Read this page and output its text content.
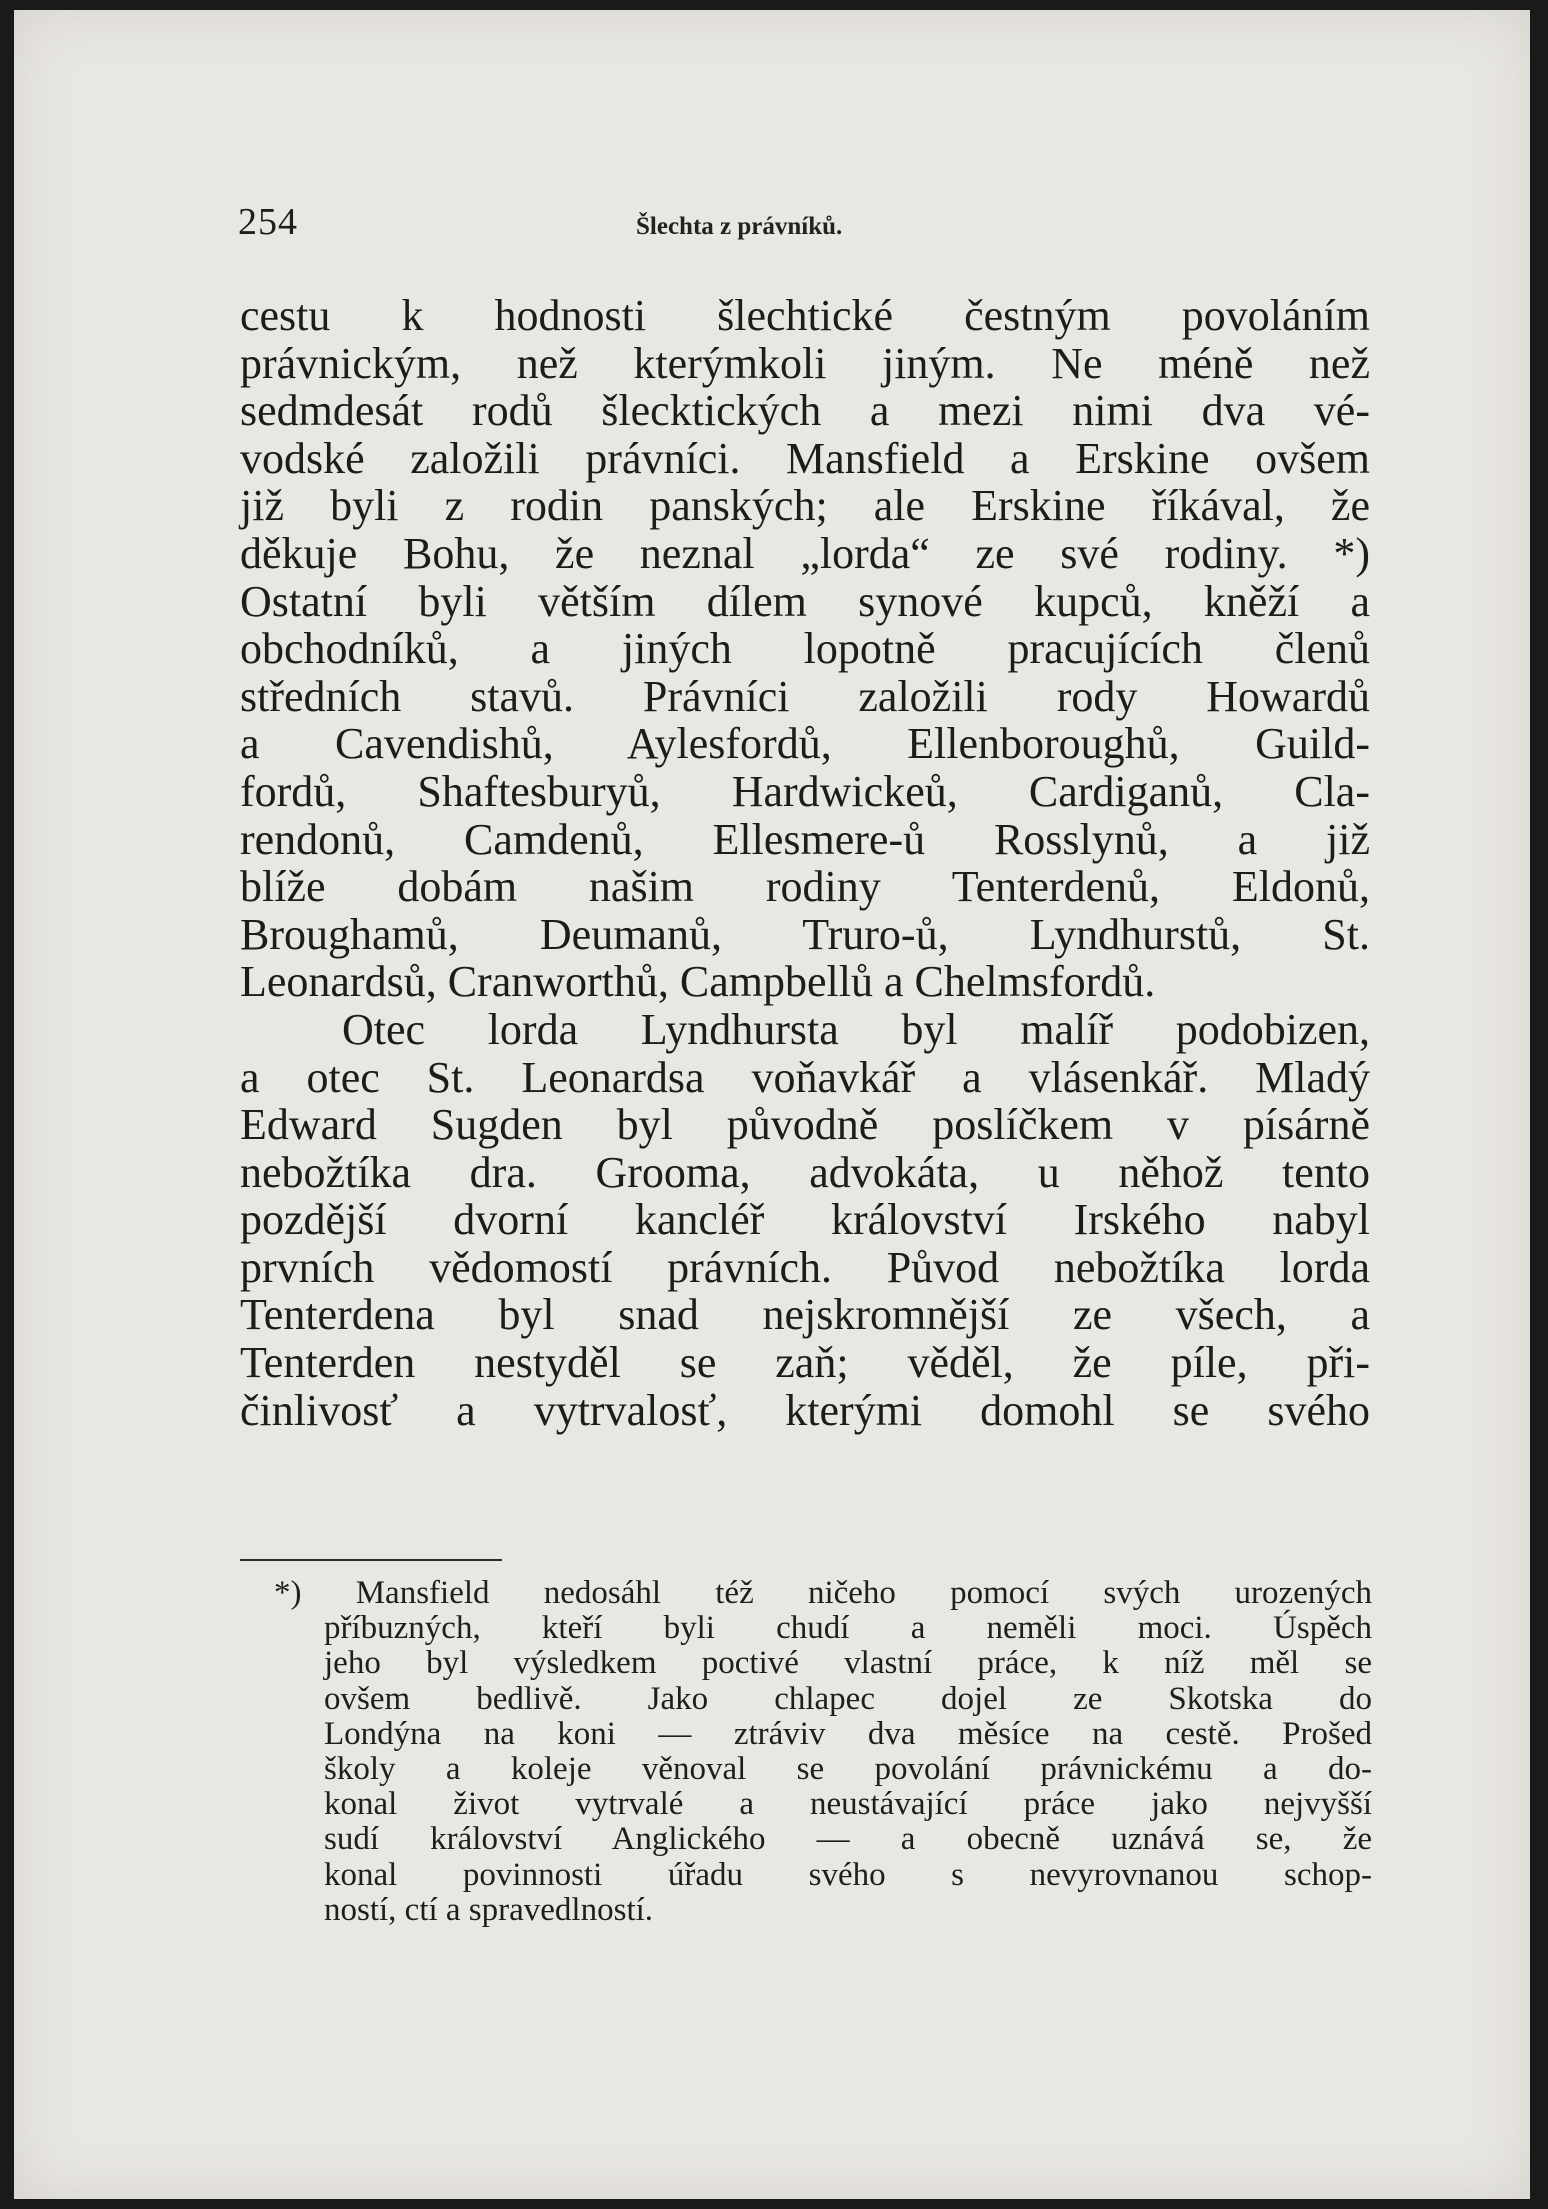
254	Šlechta z právníků.
cestu k hodnosti šlechtické čestným povoláním
právnickým, než kterýmkoli jiným. Ne méně než
sedmdesát rodů šlecktických a mezi nimi dva vé-
vodské založili právníci. Mansfield a Erskine ovšem
již byli z rodin panských; ale Erskine říkával, že
děkuje Bohu, že neznal „lorda“ ze své rodiny. *)
Ostatní byli větším dílem synové kupců, kněží a
obchodníků, a jiných lopotně pracujících členů
středních stavů. Právníci založili rody Howardů
a Cavendishů, Aylesfordů, Ellenboroughů, Guild-
fordů, Shaftesburyů, Hardwickeů, Cardiganů, Cla-
rendonů, Camdenů, Ellesmere-ů Rosslynů, a již
blíže dobám našim rodiny Tenterdenů, Eldonů,
Broughamů, Deumanů, Truro-ů, Lyndhurstů, St.
Leonardsů, Cranworthů, Campbellů a Chelmsfordů.
Otec lorda Lyndhursta byl malíř podobizen,
a otec St. Leonardsa voňavkář a vlásenkář. Mladý
Edward Sugden byl původně poslíčkem v písárně
nebožtíka dra. Grooma, advokáta, u něhož tento
pozdější dvorní kancléř království Irského nabyl
prvních vědomostí právních. Původ nebožtíka lorda
Tenterdena byl snad nejskromnější ze všech, a
Tenterden nestyděl se zaň; věděl, že píle, při-
činlivosť a vytrvalosť, kterými domohl se svého
*) Mansfield nedosáhl též ničeho pomocí svých urozených
příbuzných, kteří byli chudí a neměli moci. Úspěch
jeho byl výsledkem poctivé vlastní práce, k níž měl se
ovšem bedlivě. Jako chlapec dojel ze Skotska do
Londýna na koni — ztráviv dva měsíce na cestě. Prošed
školy a koleje věnoval se povolání právnickému a do-
konal život vytrvalé a neustávající práce jako nejvyšší
sudí království Anglického — a obecně uznává se, že
konal povinnosti úřadu svého s nevyrovnanou schop-
ností, ctí a spravedlností.
